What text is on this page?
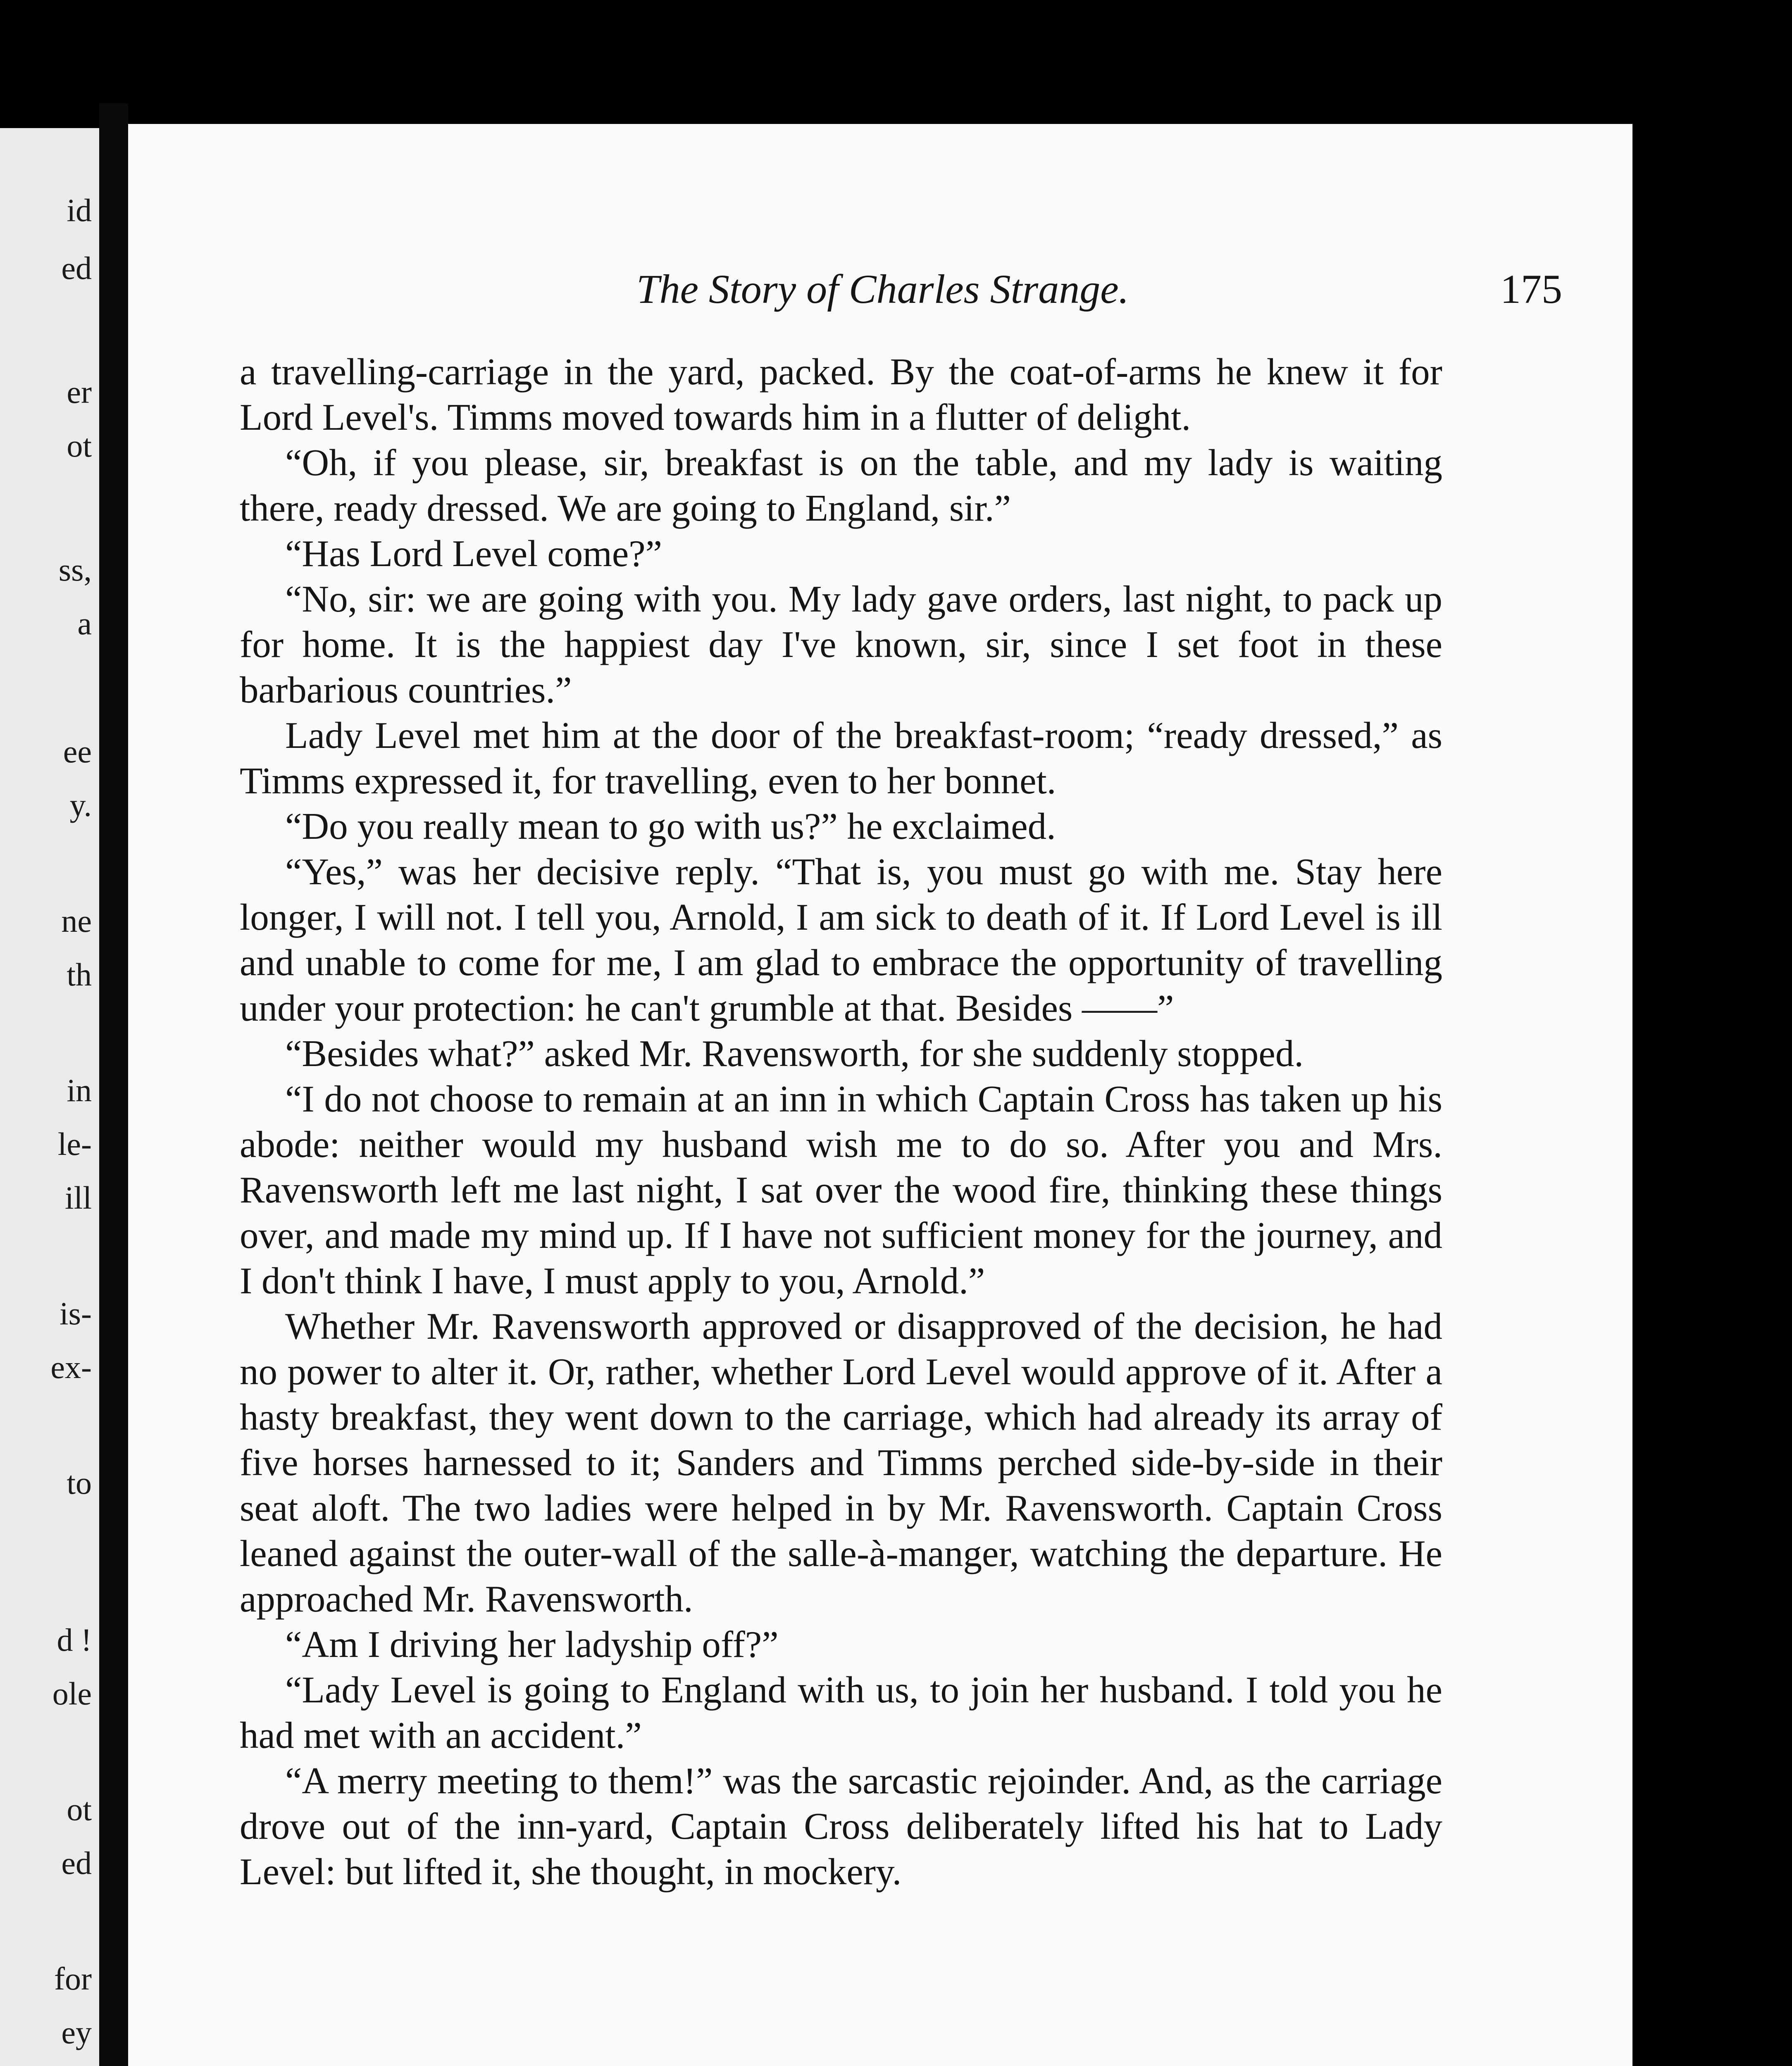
id
ed
er
ot
ss,
a
ee
y.
ne
th
in
le-
ill
is-
ex-
to
d !
ole
ot
ed
for
ey
The Story of Charles Strange.	175

a travelling-carriage in the yard, packed. By the coat-of-arms he knew it for Lord Level's. Timms moved towards him in a flutter of delight.

“Oh, if you please, sir, breakfast is on the table, and my lady is waiting there, ready dressed. We are going to England, sir.”

“Has Lord Level come?”

“No, sir: we are going with you. My lady gave orders, last night, to pack up for home. It is the happiest day I've known, sir, since I set foot in these barbarious countries.”

Lady Level met him at the door of the breakfast-room; “ready dressed,” as Timms expressed it, for travelling, even to her bonnet.

“Do you really mean to go with us?” he exclaimed.

“Yes,” was her decisive reply. “That is, you must go with me. Stay here longer, I will not. I tell you, Arnold, I am sick to death of it. If Lord Level is ill and unable to come for me, I am glad to embrace the opportunity of travelling under your protection: he can't grumble at that. Besides ——”

“Besides what?” asked Mr. Ravensworth, for she suddenly stopped.

“I do not choose to remain at an inn in which Captain Cross has taken up his abode: neither would my husband wish me to do so. After you and Mrs. Ravensworth left me last night, I sat over the wood fire, thinking these things over, and made my mind up. If I have not sufficient money for the journey, and I don't think I have, I must apply to you, Arnold.”

Whether Mr. Ravensworth approved or disapproved of the decision, he had no power to alter it. Or, rather, whether Lord Level would approve of it. After a hasty breakfast, they went down to the carriage, which had already its array of five horses harnessed to it; Sanders and Timms perched side-by-side in their seat aloft. The two ladies were helped in by Mr. Ravensworth. Captain Cross leaned against the outer-wall of the salle-à-manger, watching the departure. He approached Mr. Ravensworth.

“Am I driving her ladyship off?”

“Lady Level is going to England with us, to join her husband. I told you he had met with an accident.”

“A merry meeting to them!” was the sarcastic rejoinder. And, as the carriage drove out of the inn-yard, Captain Cross deliberately lifted his hat to Lady Level: but lifted it, she thought, in mockery.
